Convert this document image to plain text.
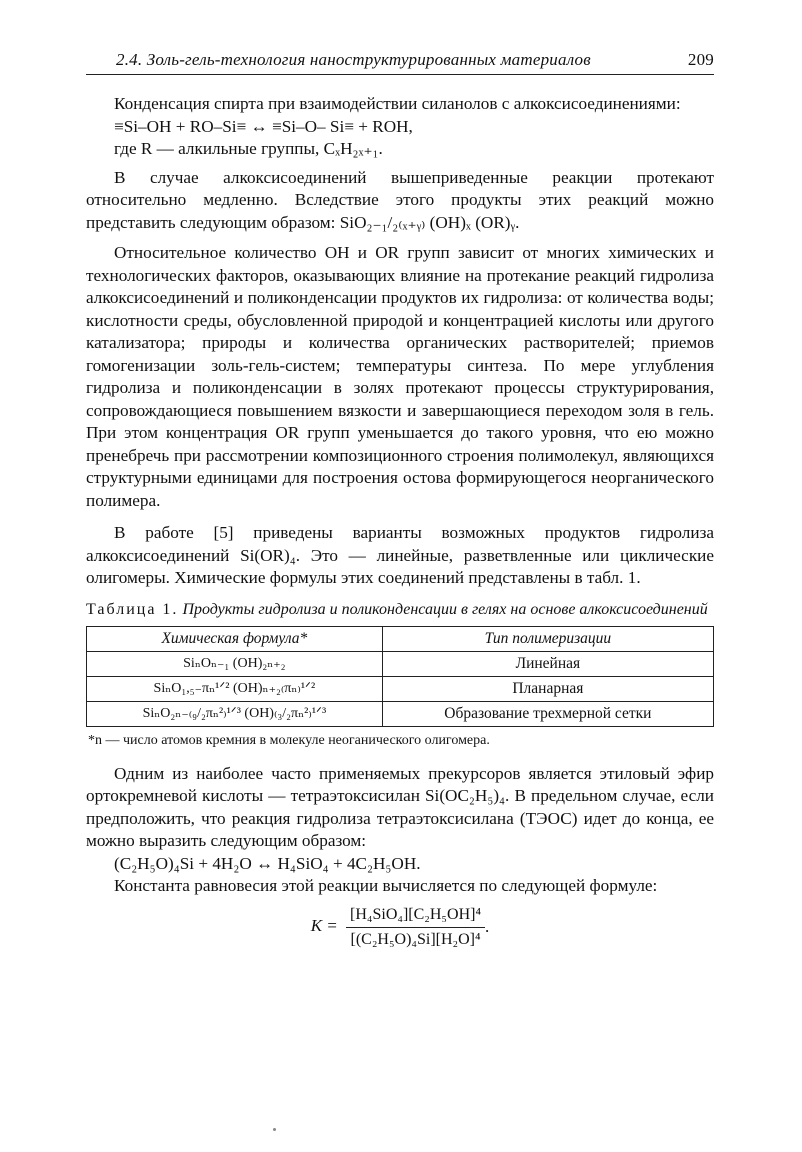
2.4. Золь-гель-технология наноструктурированных материалов	209

Конденсация спирта при взаимодействии силанолов с алкоксисоединениями:

≡Si–OH + RO–Si≡ ↔ ≡Si–O– Si≡ + ROH,
где R — алкильные группы, CₓH₂ₓ₊₁.

В случае алкоксисоединений вышеприведенные реакции протекают относительно медленно. Вследствие этого продукты этих реакций можно представить следующим образом: SiO₂₋₁/₂₍ₓ₊ᵧ₎ (OH)ₓ (OR)ᵧ.

Относительное количество OH и OR групп зависит от многих химических и технологических факторов, оказывающих влияние на протекание реакций гидролиза алкоксисоединений и поликонденсации продуктов их гидролиза: от количества воды; кислотности среды, обусловленной природой и концентрацией кислоты или другого катализатора; природы и количества органических растворителей; приемов гомогенизации золь-гель-систем; температуры синтеза. По мере углубления гидролиза и поликонденсации в золях протекают процессы структурирования, сопровождающиеся повышением вязкости и завершающиеся переходом золя в гель. При этом концентрация OR групп уменьшается до такого уровня, что ею можно пренебречь при рассмотрении композиционного строения полимолекул, являющихся структурными единицами для построения остова формирующегося неорганического полимера.

В работе [5] приведены варианты возможных продуктов гидролиза алкоксисоединений Si(OR)₄. Это — линейные, разветвленные или циклические олигомеры. Химические формулы этих соединений представлены в табл. 1.

Таблица 1. Продукты гидролиза и поликонденсации в гелях на основе алкоксисоединений
Химическая формула*	Тип полимеризации
SiₙOₙ₋₁ (OH)₂ₙ₊₂	Линейная
SiₙO₁,₅₋πₙ¹ᐟ² (OH)ₙ₊₂₍πₙ₎¹ᐟ²	Планарная
SiₙO₂ₙ₋₍₉/₂πₙ²₎¹ᐟ³ (OH)₍₃/₂πₙ²₎¹ᐟ³	Образование трехмерной сетки
*n — число атомов кремния в молекуле неоганического олигомера.

Одним из наиболее часто применяемых прекурсоров является этиловый эфир ортокремневой кислоты — тетраэтоксисилан Si(OC₂H₅)₄. В предельном случае, если предположить, что реакция гидролиза тетраэтоксисилана (ТЭОС) идет до конца, ее можно выразить следующим образом:

(C₂H₅O)₄Si + 4H₂O ↔ H₄SiO₄ + 4C₂H₅OH.

Константа равновесия этой реакции вычисляется по следующей формуле:

$K = \frac{\text{[H₄SiO₄][C₂H₅OH]⁴}}{\text{[(C₂H₅O)₄Si][H₂O]⁴}}$ .
